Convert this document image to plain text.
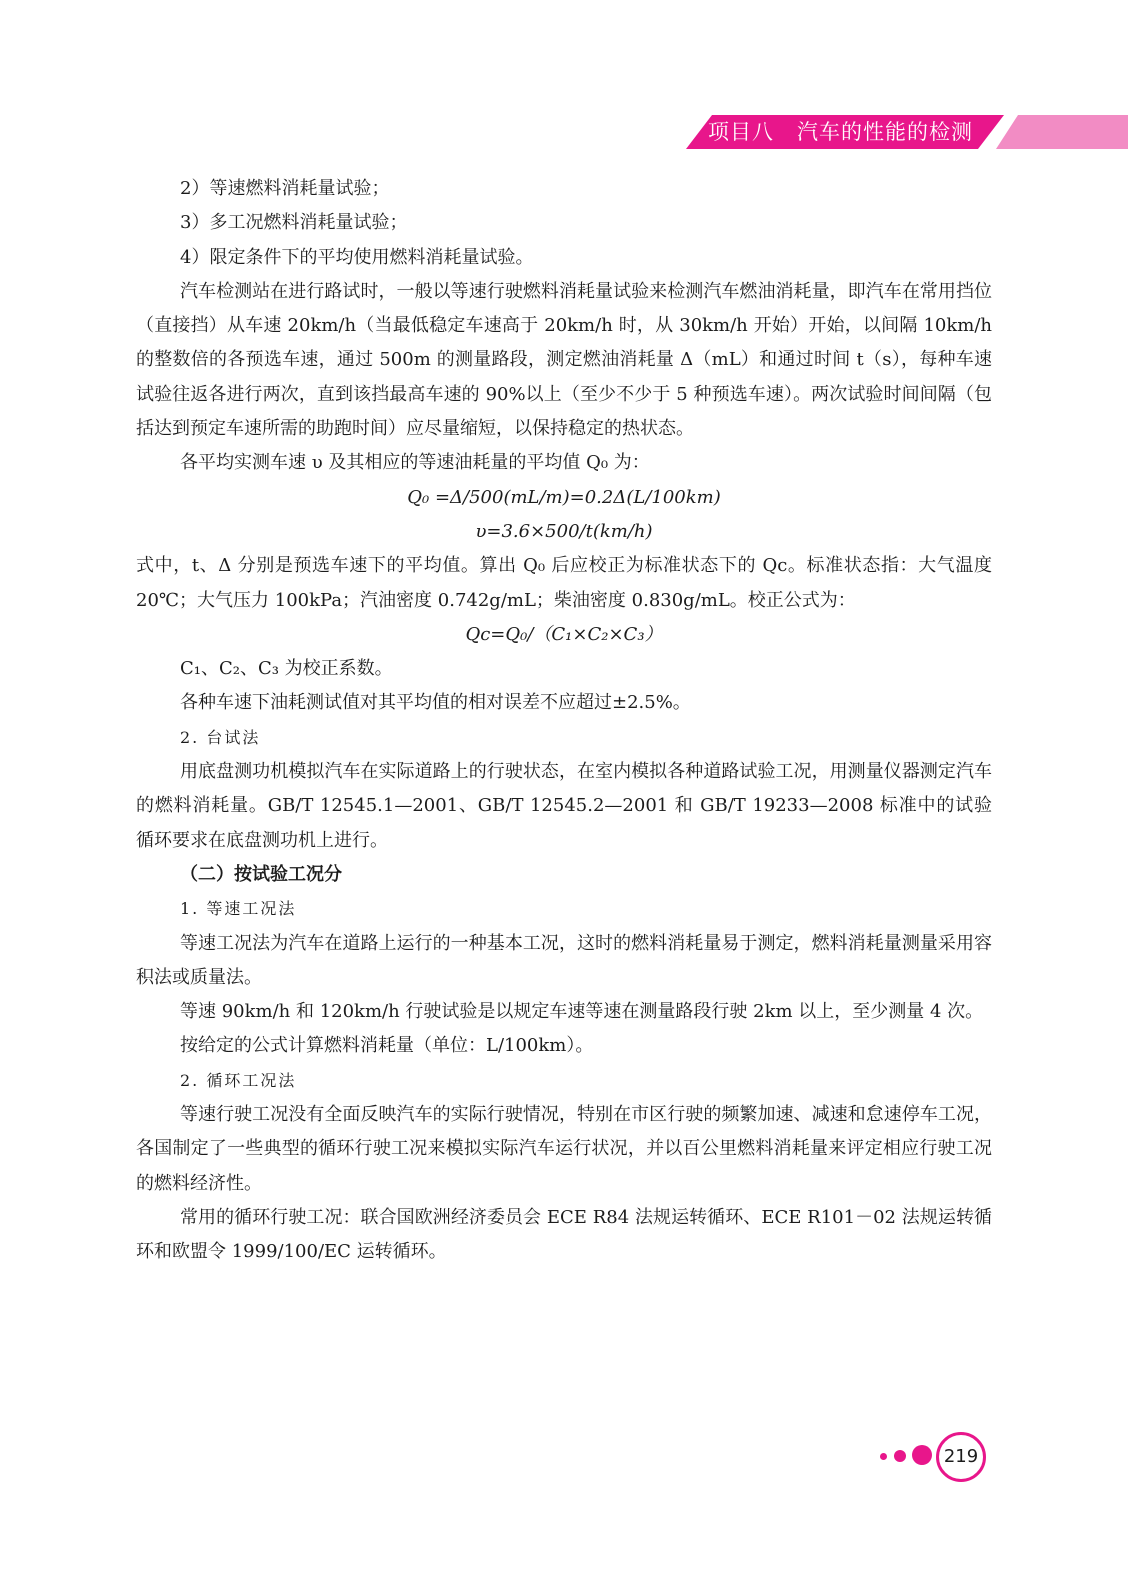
项目八   汽车的性能的检测

2）等速燃料消耗量试验；

3）多工况燃料消耗量试验；

4）限定条件下的平均使用燃料消耗量试验。

汽车检测站在进行路试时，一般以等速行驶燃料消耗量试验来检测汽车燃油消耗量，即汽车在常用挡位（直接挡）从车速 20km/h（当最低稳定车速高于 20km/h 时，从 30km/h 开始）开始，以间隔 10km/h 的整数倍的各预选车速，通过 500m 的测量路段，测定燃油消耗量 Δ（mL）和通过时间 t（s），每种车速试验往返各进行两次，直到该挡最高车速的 90%以上（至少不少于 5 种预选车速）。两次试验时间间隔（包括达到预定车速所需的助跑时间）应尽量缩短，以保持稳定的热状态。

各平均实测车速 υ 及其相应的等速油耗量的平均值 Q₀ 为：

Q₀ =Δ/500(mL/m)=0.2Δ(L/100km)

υ=3.6×500/t(km/h)

式中，t、Δ 分别是预选车速下的平均值。算出 Q₀ 后应校正为标准状态下的 Qc。标准状态指：大气温度 20℃；大气压力 100kPa；汽油密度 0.742g/mL；柴油密度 0.830g/mL。校正公式为：

Qc=Q₀/（C₁×C₂×C₃）

C₁、C₂、C₃ 为校正系数。

各种车速下油耗测试值对其平均值的相对误差不应超过±2.5%。

2. 台试法

用底盘测功机模拟汽车在实际道路上的行驶状态，在室内模拟各种道路试验工况，用测量仪器测定汽车的燃料消耗量。GB/T 12545.1—2001、GB/T 12545.2—2001 和 GB/T 19233—2008 标准中的试验循环要求在底盘测功机上进行。

（二）按试验工况分

1. 等速工况法

等速工况法为汽车在道路上运行的一种基本工况，这时的燃料消耗量易于测定，燃料消耗量测量采用容积法或质量法。

等速 90km/h 和 120km/h 行驶试验是以规定车速等速在测量路段行驶 2km 以上，至少测量 4 次。

按给定的公式计算燃料消耗量（单位：L/100km）。

2. 循环工况法

等速行驶工况没有全面反映汽车的实际行驶情况，特别在市区行驶的频繁加速、减速和怠速停车工况，各国制定了一些典型的循环行驶工况来模拟实际汽车运行状况，并以百公里燃料消耗量来评定相应行驶工况的燃料经济性。

常用的循环行驶工况：联合国欧洲经济委员会 ECE R84 法规运转循环、ECE R101－02 法规运转循环和欧盟令 1999/100/EC 运转循环。

219
